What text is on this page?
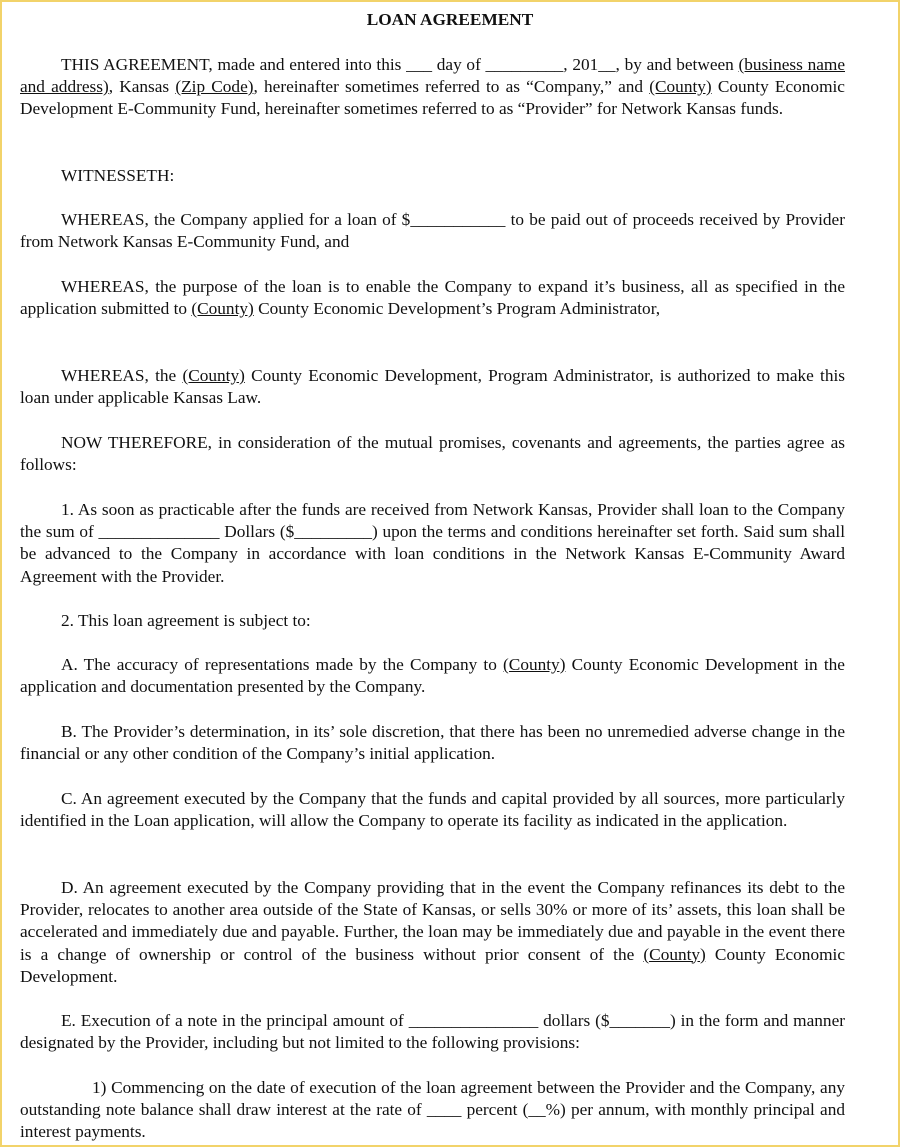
LOAN AGREEMENT

THIS AGREEMENT, made and entered into this ___ day of _________, 201__, by and between (business name and address), Kansas (Zip Code), hereinafter sometimes referred to as “Company,” and (County) County Economic Development E-Community Fund, hereinafter sometimes referred to as “Provider” for Network Kansas funds.

WITNESSETH:

WHEREAS, the Company applied for a loan of $___________ to be paid out of proceeds received by Provider from Network Kansas E-Community Fund, and

WHEREAS, the purpose of the loan is to enable the Company to expand it’s business, all as specified in the application submitted to (County) County Economic Development’s Program Administrator,

WHEREAS, the (County) County Economic Development, Program Administrator, is authorized to make this loan under applicable Kansas Law.

NOW THEREFORE, in consideration of the mutual promises, covenants and agreements, the parties agree as follows:

1. As soon as practicable after the funds are received from Network Kansas, Provider shall loan to the Company the sum of ______________ Dollars ($_________) upon the terms and conditions hereinafter set forth. Said sum shall be advanced to the Company in accordance with loan conditions in the Network Kansas E-Community Award Agreement with the Provider.

2. This loan agreement is subject to:

A. The accuracy of representations made by the Company to (County) County Economic Development in the application and documentation presented by the Company.

B. The Provider’s determination, in its’ sole discretion, that there has been no unremedied adverse change in the financial or any other condition of the Company’s initial application.

C. An agreement executed by the Company that the funds and capital provided by all sources, more particularly identified in the Loan application, will allow the Company to operate its facility as indicated in the application.

D. An agreement executed by the Company providing that in the event the Company refinances its debt to the Provider, relocates to another area outside of the State of Kansas, or sells 30% or more of its’ assets, this loan shall be accelerated and immediately due and payable. Further, the loan may be immediately due and payable in the event there is a change of ownership or control of the business without prior consent of the (County) County Economic Development.

E. Execution of a note in the principal amount of _______________ dollars ($_______) in the form and manner designated by the Provider, including but not limited to the following provisions:

1) Commencing on the date of execution of the loan agreement between the Provider and the Company, any outstanding note balance shall draw interest at the rate of ____ percent (__%) per annum, with monthly principal and interest payments.
